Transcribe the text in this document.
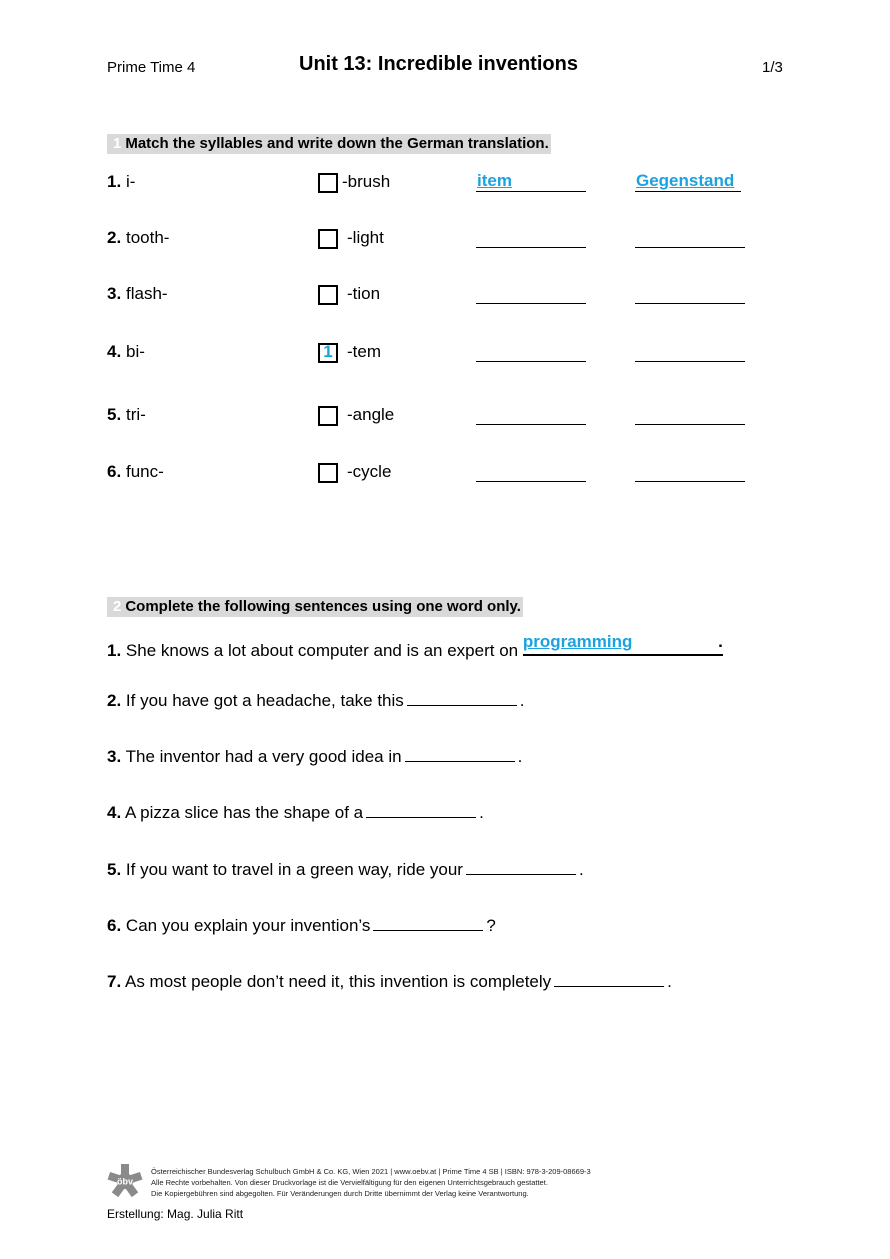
Prime Time 4	Unit 13: Incredible inventions	1/3
1 Match the syllables and write down the German translation.
1. i-	-brush	item	Gegenstand
2. tooth-	-light
3. flash-	-tion
4. bi-	1 -tem
5. tri-	-angle
6. func-	-cycle
2 Complete the following sentences using one word only.
1. She knows a lot about computer and is an expert on programming	.
2. If you have got a headache, take this	.
3. The inventor had a very good idea in	.
4. A pizza slice has the shape of a	.
5. If you want to travel in a green way, ride your	.
6. Can you explain your invention’s	?
7. As most people don’t need it, this invention is completely	.
öbv
Österreichischer Bundesverlag Schulbuch GmbH & Co. KG, Wien 2021 | www.oebv.at | Prime Time 4 SB | ISBN: 978-3-209-08669-3
Alle Rechte vorbehalten. Von dieser Druckvorlage ist die Vervielfältigung für den eigenen Unterrichtsgebrauch gestattet.
Die Kopiergebühren sind abgegolten. Für Veränderungen durch Dritte übernimmt der Verlag keine Verantwortung.
Erstellung: Mag. Julia Ritt
